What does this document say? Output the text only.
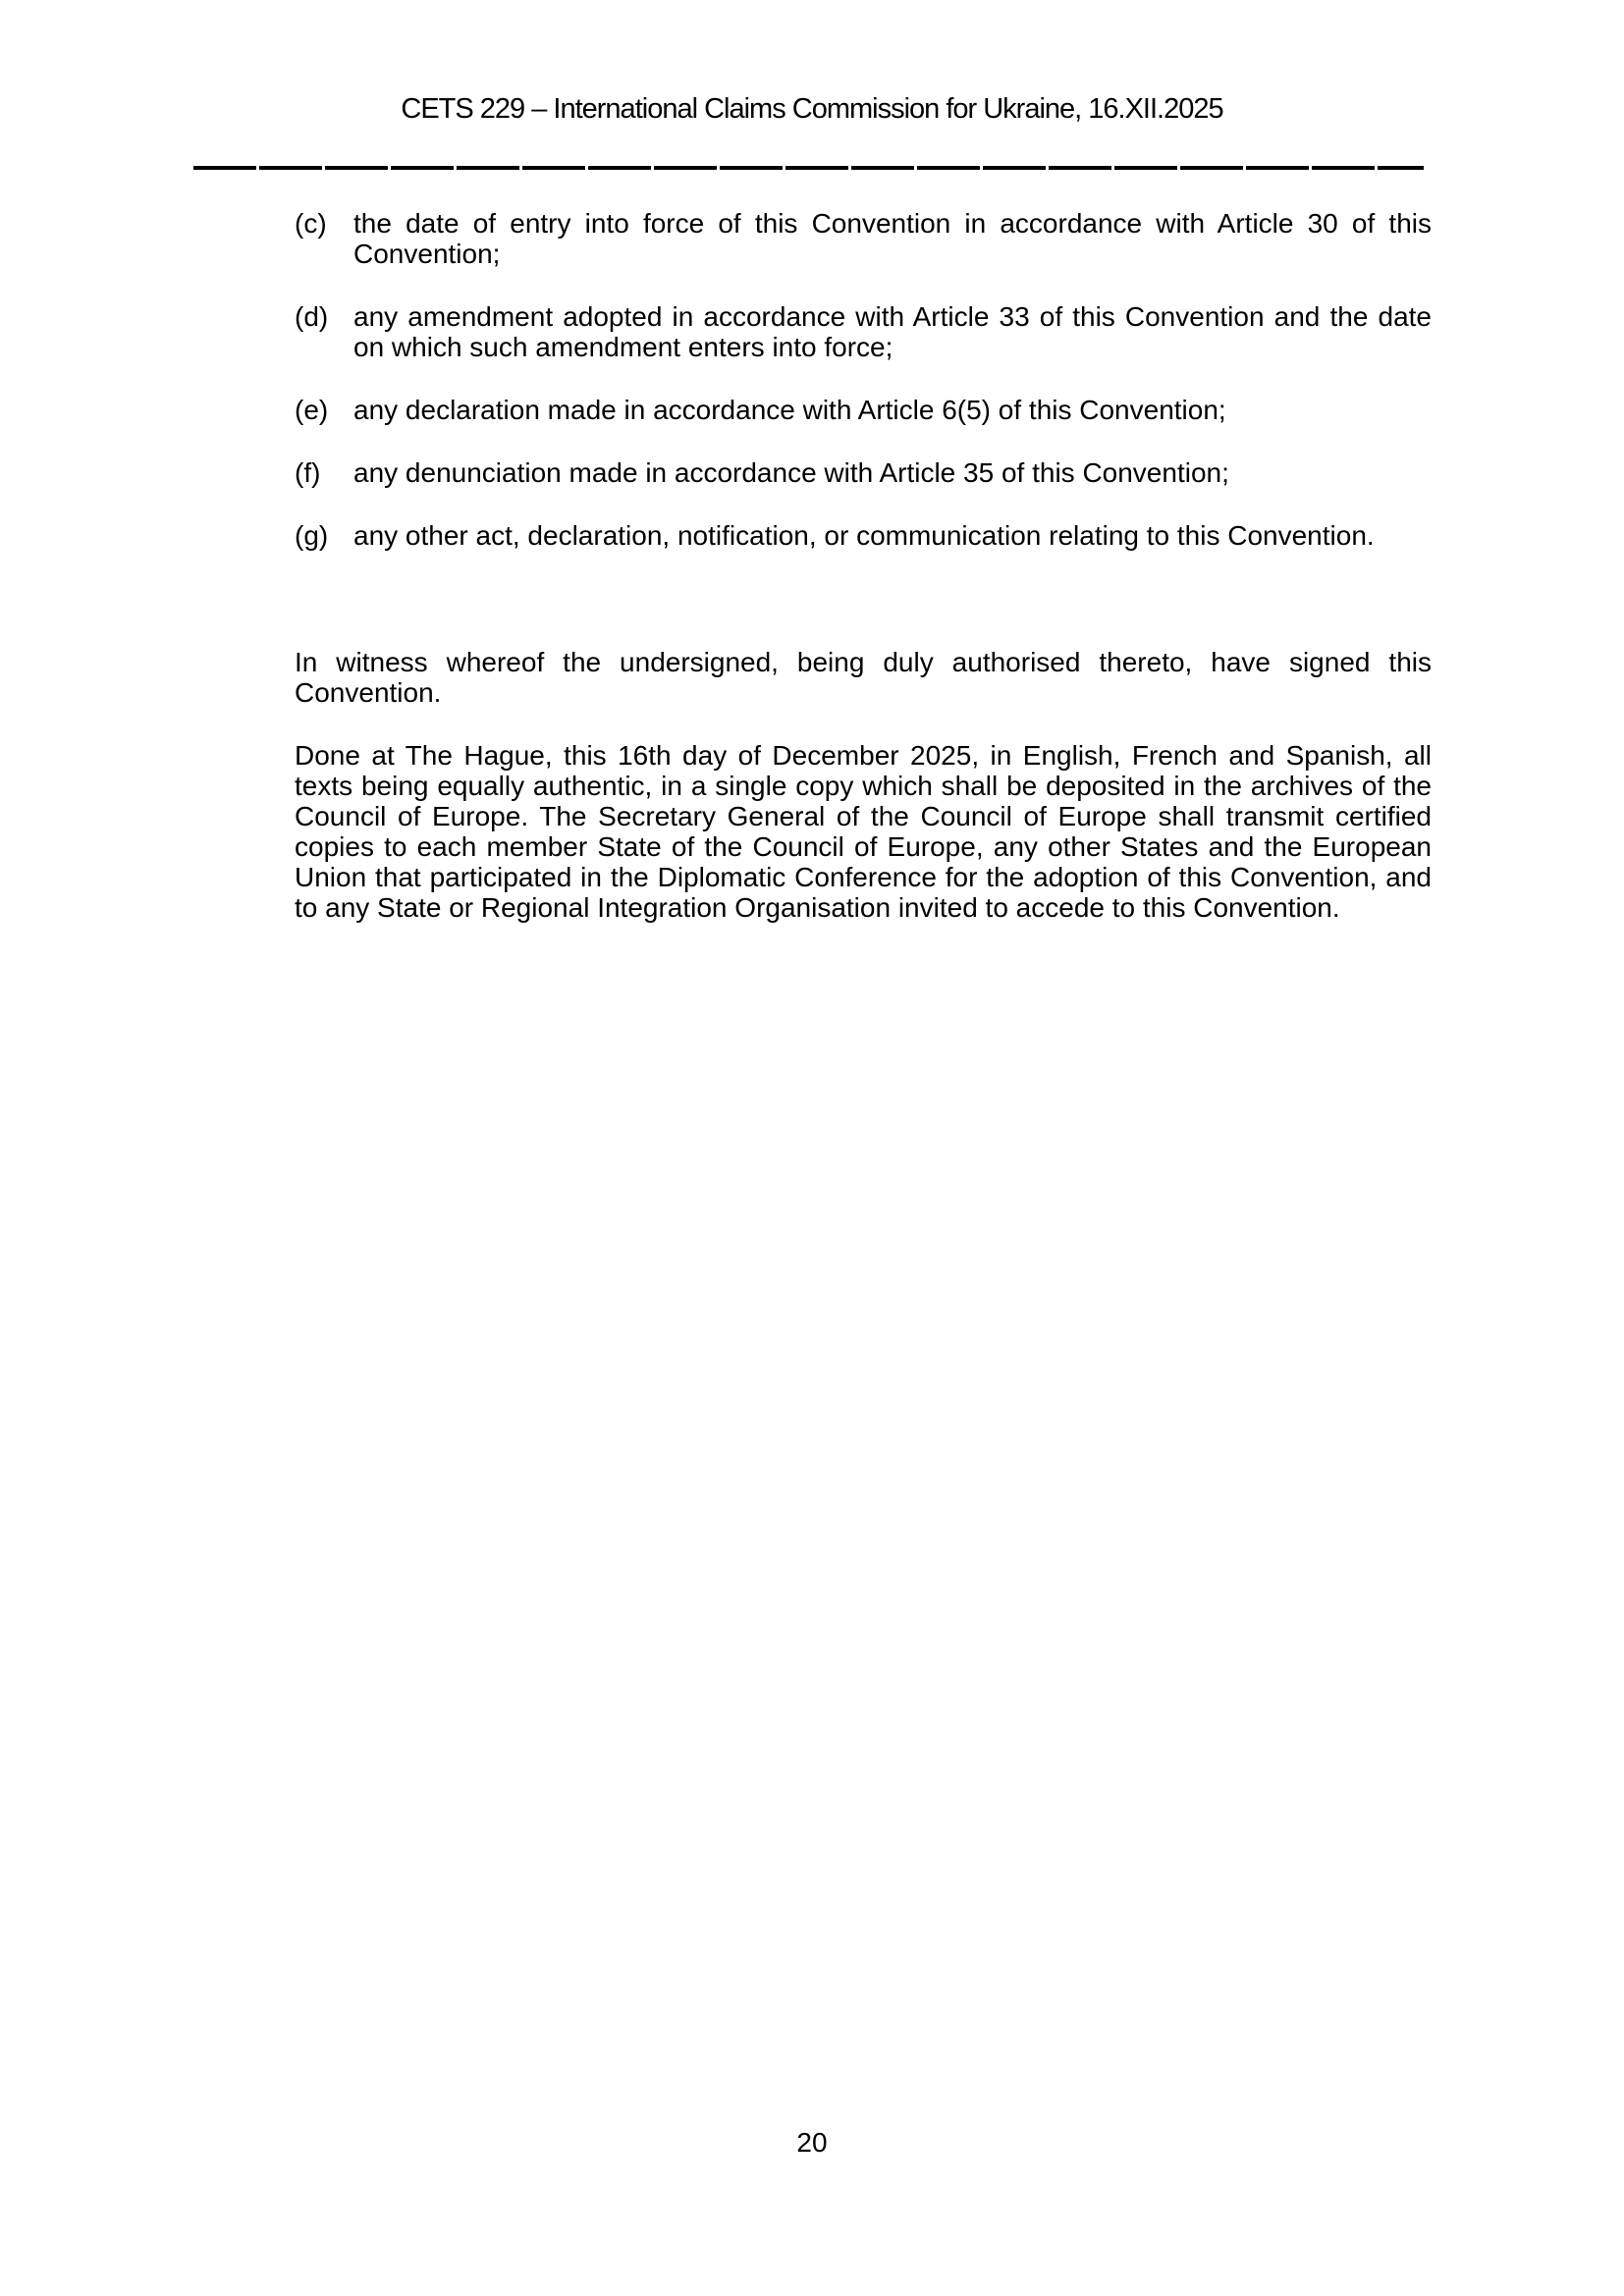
CETS 229 – International Claims Commission for Ukraine, 16.XII.2025
(c) the date of entry into force of this Convention in accordance with Article 30 of this Convention;
(d) any amendment adopted in accordance with Article 33 of this Convention and the date on which such amendment enters into force;
(e) any declaration made in accordance with Article 6(5) of this Convention;
(f)	any denunciation made in accordance with Article 35 of this Convention;
(g) any other act, declaration, notification, or communication relating to this Convention.

In witness whereof the undersigned, being duly authorised thereto, have signed this Convention.

Done at The Hague, this 16th day of December 2025, in English, French and Spanish, all texts being equally authentic, in a single copy which shall be deposited in the archives of the Council of Europe. The Secretary General of the Council of Europe shall transmit certified copies to each member State of the Council of Europe, any other States and the European Union that participated in the Diplomatic Conference for the adoption of this Convention, and to any State or Regional Integration Organisation invited to accede to this Convention.

20
